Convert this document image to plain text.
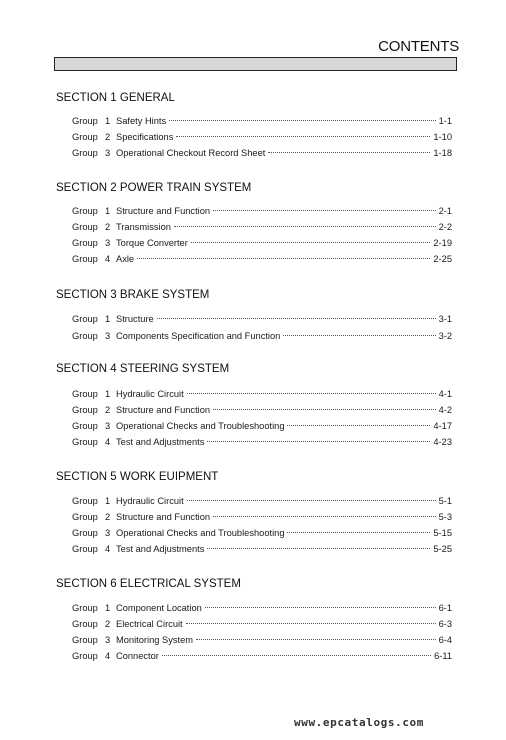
CONTENTS
SECTION 1 GENERAL
Group 1 Safety Hints	1-1
Group 2 Specifications	1-10
Group 3 Operational Checkout Record Sheet	1-18
SECTION 2 POWER TRAIN SYSTEM
Group 1 Structure and Function	2-1
Group 2 Transmission	2-2
Group 3 Torque Converter	2-19
Group 4 Axle	2-25
SECTION 3 BRAKE SYSTEM
Group 1 Structure	3-1
Group 3 Components Specification and Function	3-2
SECTION 4 STEERING SYSTEM
Group 1 Hydraulic Circuit	4-1
Group 2 Structure and Function	4-2
Group 3 Operational Checks and Troubleshooting	4-17
Group 4 Test and Adjustments	4-23
SECTION 5 WORK EUIPMENT
Group 1 Hydraulic Circuit	5-1
Group 2 Structure and Function	5-3
Group 3 Operational Checks and Troubleshooting	5-15
Group 4 Test and Adjustments	5-25
SECTION 6 ELECTRICAL SYSTEM
Group 1 Component Location	6-1
Group 2 Electrical Circuit	6-3
Group 3 Monitoring System	6-4
Group 4 Connector	6-11
www.epcatalogs.com
